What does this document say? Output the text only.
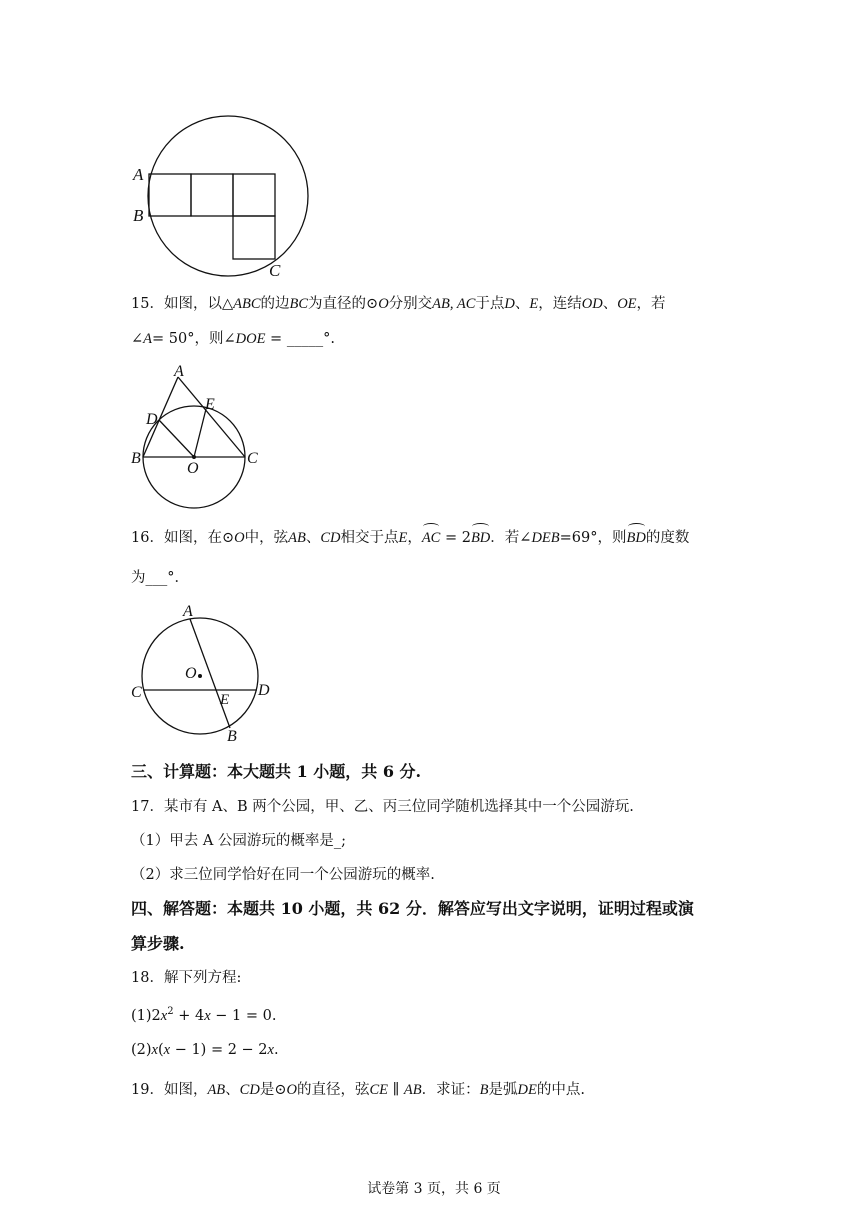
A
B
C
15．如图，以△ABC的边BC为直径的⊙O分别交AB, AC于点D、E，连结OD、OE，若
∠A= 50°，则∠DOE = _____°.
A
D
E
B
O
C
16．如图，在⊙O中，弦AB、CD相交于点E，AC = 2BD．若∠DEB=69°，则BD的度数
为___°．
A
O
C	E
D
B
三、计算题：本大题共 1 小题，共 6 分.
17．某市有 A、B 两个公园，甲、乙、丙三位同学随机选择其中一个公园游玩.
（1）甲去 A 公园游玩的概率是_;
（2）求三位同学恰好在同一个公园游玩的概率.
四、解答题：本题共 10 小题，共 62 分．解答应写出文字说明，证明过程或演
算步骤.
18．解下列方程:
$(1)2x^2 + 4x - 1 = 0$.
(2)x(x − 1) = 2 − 2x.
19．如图，AB、CD是⊙O的直径，弦CE ∥ AB．求证：B是弧DE的中点.
试卷第 3 页，共 6 页
